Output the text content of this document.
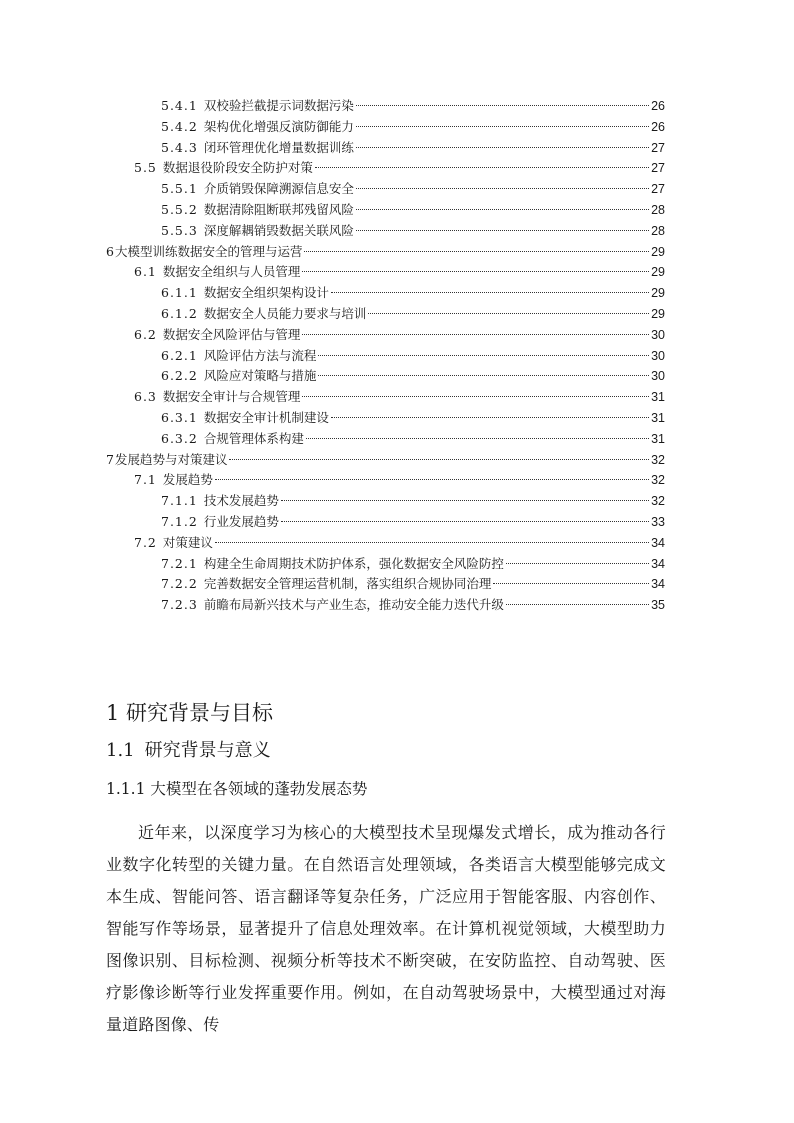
5.4.1 双校验拦截提示词数据污染	26
5.4.2 架构优化增强反演防御能力	26
5.4.3 闭环管理优化增量数据训练	27
5.5 数据退役阶段安全防护对策	27
5.5.1 介质销毁保障溯源信息安全	27
5.5.2 数据清除阻断联邦残留风险	28
5.5.3 深度解耦销毁数据关联风险	28
6 大模型训练数据安全的管理与运营	29
6.1 数据安全组织与人员管理	29
6.1.1 数据安全组织架构设计	29
6.1.2 数据安全人员能力要求与培训	29
6.2 数据安全风险评估与管理	30
6.2.1 风险评估方法与流程	30
6.2.2 风险应对策略与措施	30
6.3 数据安全审计与合规管理	31
6.3.1 数据安全审计机制建设	31
6.3.2 合规管理体系构建	31
7 发展趋势与对策建议	32
7.1 发展趋势	32
7.1.1 技术发展趋势	32
7.1.2 行业发展趋势	33
7.2 对策建议	34
7.2.1 构建全生命周期技术防护体系，强化数据安全风险防控	34
7.2.2 完善数据安全管理运营机制，落实组织合规协同治理	34
7.2.3 前瞻布局新兴技术与产业生态，推动安全能力迭代升级	35
1 研究背景与目标
1.1 研究背景与意义
1.1.1 大模型在各领域的蓬勃发展态势

近年来，以深度学习为核心的大模型技术呈现爆发式增长，成为推动各行业数字化转型的关键力量。在自然语言处理领域，各类语言大模型能够完成文本生成、智能问答、语言翻译等复杂任务，广泛应用于智能客服、内容创作、智能写作等场景，显著提升了信息处理效率。在计算机视觉领域，大模型助力图像识别、目标检测、视频分析等技术不断突破，在安防监控、自动驾驶、医疗影像诊断等行业发挥重要作用。例如，在自动驾驶场景中，大模型通过对海量道路图像、传
